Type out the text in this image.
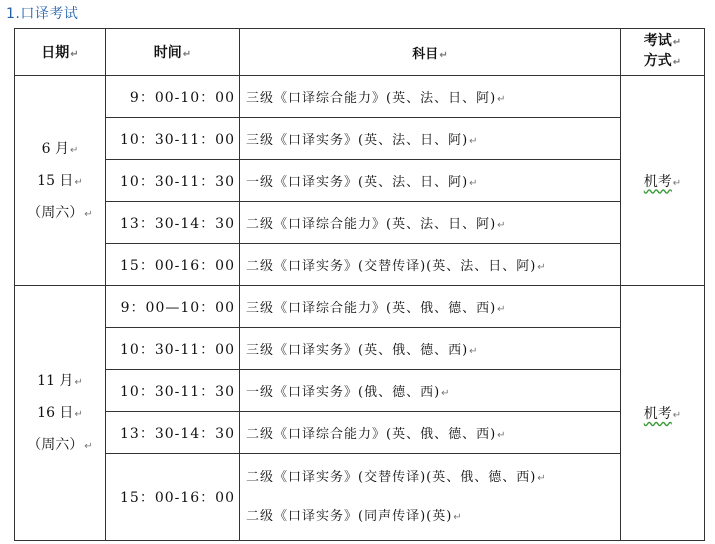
1.口译考试
日期↵	时间↵	科目↵	考试↵
方式↵

6 月↵
15 日↵
（周六）↵	9：00-10：00	三级《口译综合能力》(英、法、日、阿)↵	机考↵
	10：30-11：00	三级《口译实务》(英、法、日、阿)↵	
	10：30-11：30	一级《口译实务》(英、法、日、阿)↵	
	13：30-14：30	二级《口译综合能力》(英、法、日、阿)↵	
	15：00-16：00	二级《口译实务》(交替传译)(英、法、日、阿)↵	

11 月↵
16 日↵
（周六）↵	9：00—10：00	三级《口译综合能力》(英、俄、德、西)↵	机考↵
	10：30-11：00	三级《口译实务》(英、俄、德、西)↵	
	10：30-11：30	一级《口译实务》(俄、德、西)↵	
	13：30-14：30	二级《口译综合能力》(英、俄、德、西)↵	
	15：00-16：00	二级《口译实务》(交替传译)(英、俄、德、西)↵
二级《口译实务》(同声传译)(英)↵	
